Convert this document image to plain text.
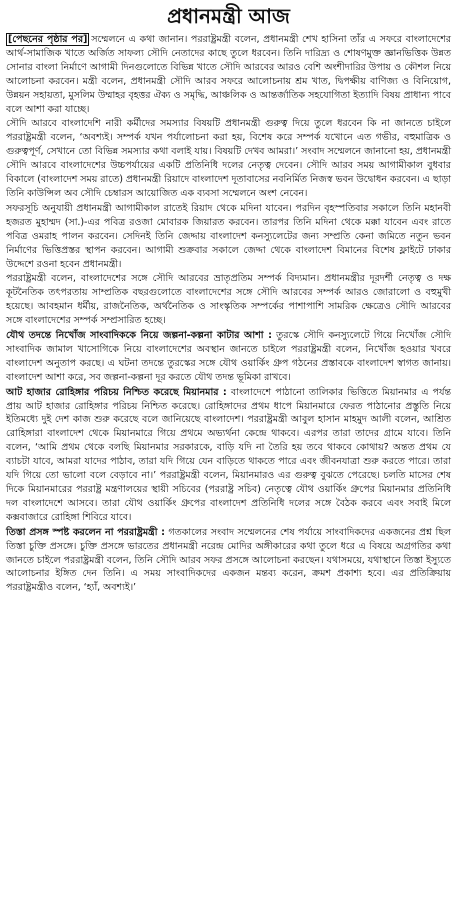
প্রধানমন্ত্রী আজ

[পেছনের পৃষ্ঠার পর] সম্মেলনে এ কথা জানান। পররাষ্ট্রমন্ত্রী বলেন, প্রধানমন্ত্রী শেখ হাসিনা তাঁর এ সফরে বাংলাদেশের আর্থ-সামাজিক খাতে অর্জিত সাফল্য সৌদি নেতাদের কাছে তুলে ধরবেন। তিনি দারিদ্র্য ও শোষণমুক্ত জ্ঞানভিত্তিক উন্নত সোনার বাংলা নির্মাণে আগামী দিনগুলোতে বিভিন্ন খাতে সৌদি আরবের আরও বেশি অংশীদারির উপায় ও কৌশল নিয়ে আলোচনা করবেন। মন্ত্রী বলেন, প্রধানমন্ত্রী সৌদি আরব সফরে আলোচনায় শ্রম খাত, দ্বিপক্ষীয় বাণিজ্য ও বিনিয়োগ, উন্নয়ন সহায়তা, মুসলিম উম্মাহর বৃহত্তর ঐক্য ও সমৃদ্ধি, আঞ্চলিক ও আন্তর্জাতিক সহযোগিতা ইত্যাদি বিষয় প্রাধান্য পাবে বলে আশা করা যাচ্ছে।

সৌদি আরবে বাংলাদেশি নারী কর্মীদের সমস্যার বিষয়টি প্রধানমন্ত্রী গুরুত্ব দিয়ে তুলে ধরবেন কি না জানতে চাইলে পররাষ্ট্রমন্ত্রী বলেন, ‘অবশ্যই। সম্পর্ক যখন পর্যালোচনা করা হয়, বিশেষ করে সম্পর্ক যখোনে এত গভীর, বহুমাত্রিক ও গুরুত্বপূর্ণ, সেখানে তো বিভিন্ন সমস্যার কথা বলাই যায়। বিষয়টি দেখব আমরা।’ সংবাদ সম্মেলনে জানানো হয়, প্রধানমন্ত্রী সৌদি আরবে বাংলাদেশের উচ্চপর্যায়ের একটি প্রতিনিধি দলের নেতৃত্ব দেবেন। সৌদি আরব সময় আগামীকাল বুধবার বিকালে (বাংলাদেশ সময় রাতে) প্রধানমন্ত্রী রিয়াদে বাংলাদেশ দূতাবাসের নবনির্মিত নিজস্ব ভবন উদ্বোধন করবেন। এ ছাড়া তিনি কাউন্সিল অব সৌদি চেম্বারস আয়োজিত এক ব্যবসা সম্মেলনে অংশ নেবেন।

সফরসূচি অনুযায়ী প্রধানমন্ত্রী আগামীকাল রাতেই রিয়াদ থেকে মদিনা যাবেন। পরদিন বৃহস্পতিবার সকালে তিনি মহানবী হজরত মুহাম্মদ (সা.)-এর পবিত্র রওজা মোবারক জিয়ারত করবেন। তারপর তিনি মদিনা থেকে মক্কা যাবেন এবং রাতে পবিত্র ওমরাহ পালন করবেন। সেদিনই তিনি জেদ্দায় বাংলাদেশ কনস্যুলেটের জন্য সম্প্রতি কেনা জমিতে নতুন ভবন নির্মাণের ভিত্তিপ্রস্তর স্থাপন করবেন। আগামী শুক্রবার সকালে জেদ্দা থেকে বাংলাদেশ বিমানের বিশেষ ফ্লাইটে ঢাকার উদ্দেশে রওনা হবেন প্রধানমন্ত্রী।

পররাষ্ট্রমন্ত্রী বলেন, বাংলাদেশের সঙ্গে সৌদি আরবের ভ্রাতৃপ্রতিম সম্পর্ক বিদ্যমান। প্রধানমন্ত্রীর দূরদর্শী নেতৃত্ব ও দক্ষ কূটনৈতিক তৎপরতায় সাম্প্রতিক বছরগুলোতে বাংলাদেশের সঙ্গে সৌদি আরবের সম্পর্ক আরও জোরালো ও বহুমুখী হয়েছে। আবহমান ধর্মীয়, রাজনৈতিক, অর্থনৈতিক ও সাংস্কৃতিক সম্পর্কের পাশাপাশি সামরিক ক্ষেত্রেও সৌদি আরবের সঙ্গে বাংলাদেশের সম্পর্ক সম্প্রসারিত হচ্ছে।

যৌথ তদন্তে নিখোঁজ সাংবাদিককে নিয়ে জল্পনা-কল্পনা কাটার আশা : তুরস্কে সৌদি কনস্যুলেটে গিয়ে নিখোঁজ সৌদি সাংবাদিক জামাল খাসোগিকে নিয়ে বাংলাদেশের অবস্থান জানতে চাইলে পররাষ্ট্রমন্ত্রী বলেন, নিখোঁজ হওয়ার খবরে বাংলাদেশ অনুতাপ করছে। এ ঘটনা তদন্তে তুরস্কের সঙ্গে যৌথ ওয়ার্কিং গ্রুপ গঠনের প্রস্তাবকে বাংলাদেশ স্বাগত জানায়। বাংলাদেশ আশা করে, সব জল্পনা-কল্পনা দূর করতে যৌথ তদন্ত ভূমিকা রাখবে।

আট হাজার রোহিঙ্গার পরিচয় নিশ্চিত করেছে মিয়ানমার : বাংলাদেশে পাঠানো তালিকার ভিত্তিতে মিয়ানমার এ পর্যন্ত প্রায় আট হাজার রোহিঙ্গার পরিচয় নিশ্চিত করেছে। রোহিঙ্গাদের প্রথম ধাপে মিয়ানমারে ফেরত পাঠানোর প্রস্তুতি নিয়ে ইতিমধ্যে দুই দেশ কাজ শুরু করেছে বলে জানিয়েছে বাংলাদেশ। পররাষ্ট্রমন্ত্রী আবুল হাসান মাহমুদ আলী বলেন, আশ্রিত রোহিঙ্গারা বাংলাদেশ থেকে মিয়ানমারে গিয়ে প্রথমে অভ্যর্থনা কেন্দ্রে থাকবে। এরপর তারা তাদের গ্রামে যাবে। তিনি বলেন, ‘আমি প্রথম থেকে বলছি মিয়ানমার সরকারকে, বাড়ি যদি না তৈরি হয় তবে থাকবে কোথায়? অন্তত প্রথম যে ব্যাচটা যাবে, আমরা যাদের পাঠাব, তারা যদি গিয়ে যেন বাড়িতে থাকতে পারে এবং জীবনযাত্রা শুরু করতে পারে। তারা যদি গিয়ে তো ভালো বলে বেড়াবে না।’ পররাষ্ট্রমন্ত্রী বলেন, মিয়ানমারও এর গুরুত্ব বুঝতে পেরেছে। চলতি মাসের শেষ দিকে মিয়ানমারের পররাষ্ট্র মন্ত্রণালয়ের স্থায়ী সচিবের (পররাষ্ট্র সচিব) নেতৃত্বে যৌথ ওয়ার্কিং গ্রুপের মিয়ানমার প্রতিনিধি দল বাংলাদেশে আসবে। তারা যৌথ ওয়ার্কিং গ্রুপের বাংলাদেশ প্রতিনিধি দলের সঙ্গে বৈঠক করবে এবং সবাই মিলে কক্সবাজারে রোহিঙ্গা শিবিরে যাবে।

তিস্তা প্রসঙ্গ স্পষ্ট করলেন না পররাষ্ট্রমন্ত্রী : গতকালের সংবাদ সম্মেলনের শেষ পর্যায়ে সাংবাদিকদের একজনের প্রশ্ন ছিল তিস্তা চুক্তি প্রসঙ্গে। চুক্তি প্রসঙ্গে ভারতের প্রধানমন্ত্রী নরেন্দ্র মোদির অঙ্গীকারের কথা তুলে ধরে এ বিষয়ে অগ্রগতির কথা জানতে চাইলে পররাষ্ট্রমন্ত্রী বলেন, তিনি সৌদি আরব সফর প্রসঙ্গে আলোচনা করছেন। যথাসময়ে, যথাস্থানে তিস্তা ইস্যুতে আলোচনার ইঙ্গিত দেন তিনি। এ সময় সাংবাদিকদের একজন মন্তব্য করেন, ক্রমশ প্রকাশ্য হবে। এর প্রতিক্রিয়ায় পররাষ্ট্রমন্ত্রীও বলেন, ‘হ্যাঁ, অবশ্যই।’
